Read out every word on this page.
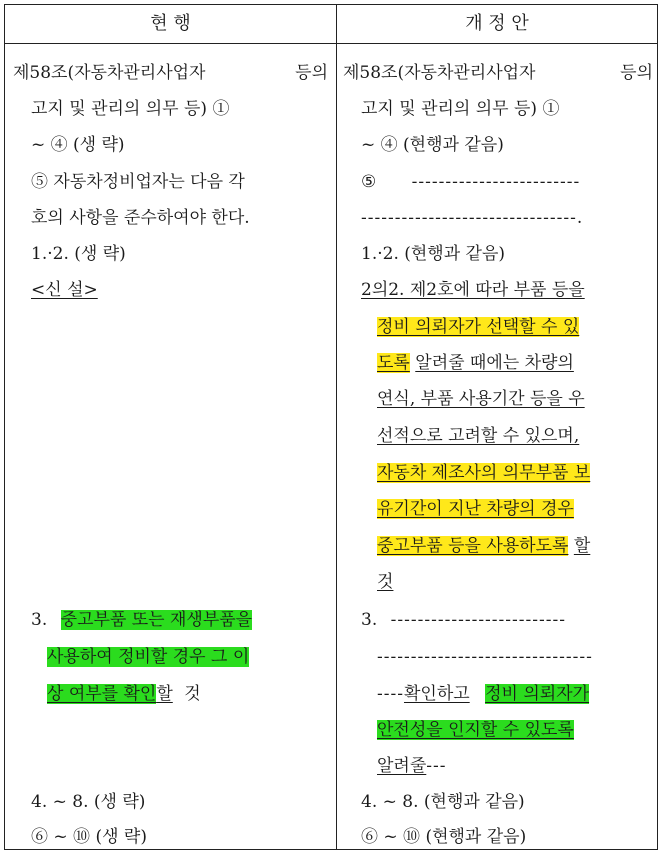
현 행	개 정 안
제58조(자동차관리사업자	등의
고지 및 관리의 의무 등) ①
~ ④ (생 략)
⑤ 자동차정비업자는 다음 각
호의 사항을 준수하여야 한다.
1.·2. (생 략)
<신 설>
3. 중고부품 또는 재생부품을
사용하여 정비할 경우 그 이
상 여부를 확인할 것
4. ~ 8. (생 략)
⑥ ~ ⑩ (생 략)
제58조(자동차관리사업자	등의
고지 및 관리의 의무 등) ①
~ ④ (현행과 같음)
⑤ -------------------------
--------------------------------.
1.·2. (현행과 같음)
2의2. 제2호에 따라 부품 등을
정비 의뢰자가 선택할 수 있
도록 알려줄 때에는 차량의
연식, 부품 사용기간 등을 우
선적으로 고려할 수 있으며,
자동차 제조사의 의무부품 보
유기간이 지난 차량의 경우
중고부품 등을 사용하도록 할
것
3. --------------------------
--------------------------------
----확인하고 정비 의뢰자가
안전성을 인지할 수 있도록
알려줄---
4. ~ 8. (현행과 같음)
⑥ ~ ⑩ (현행과 같음)
